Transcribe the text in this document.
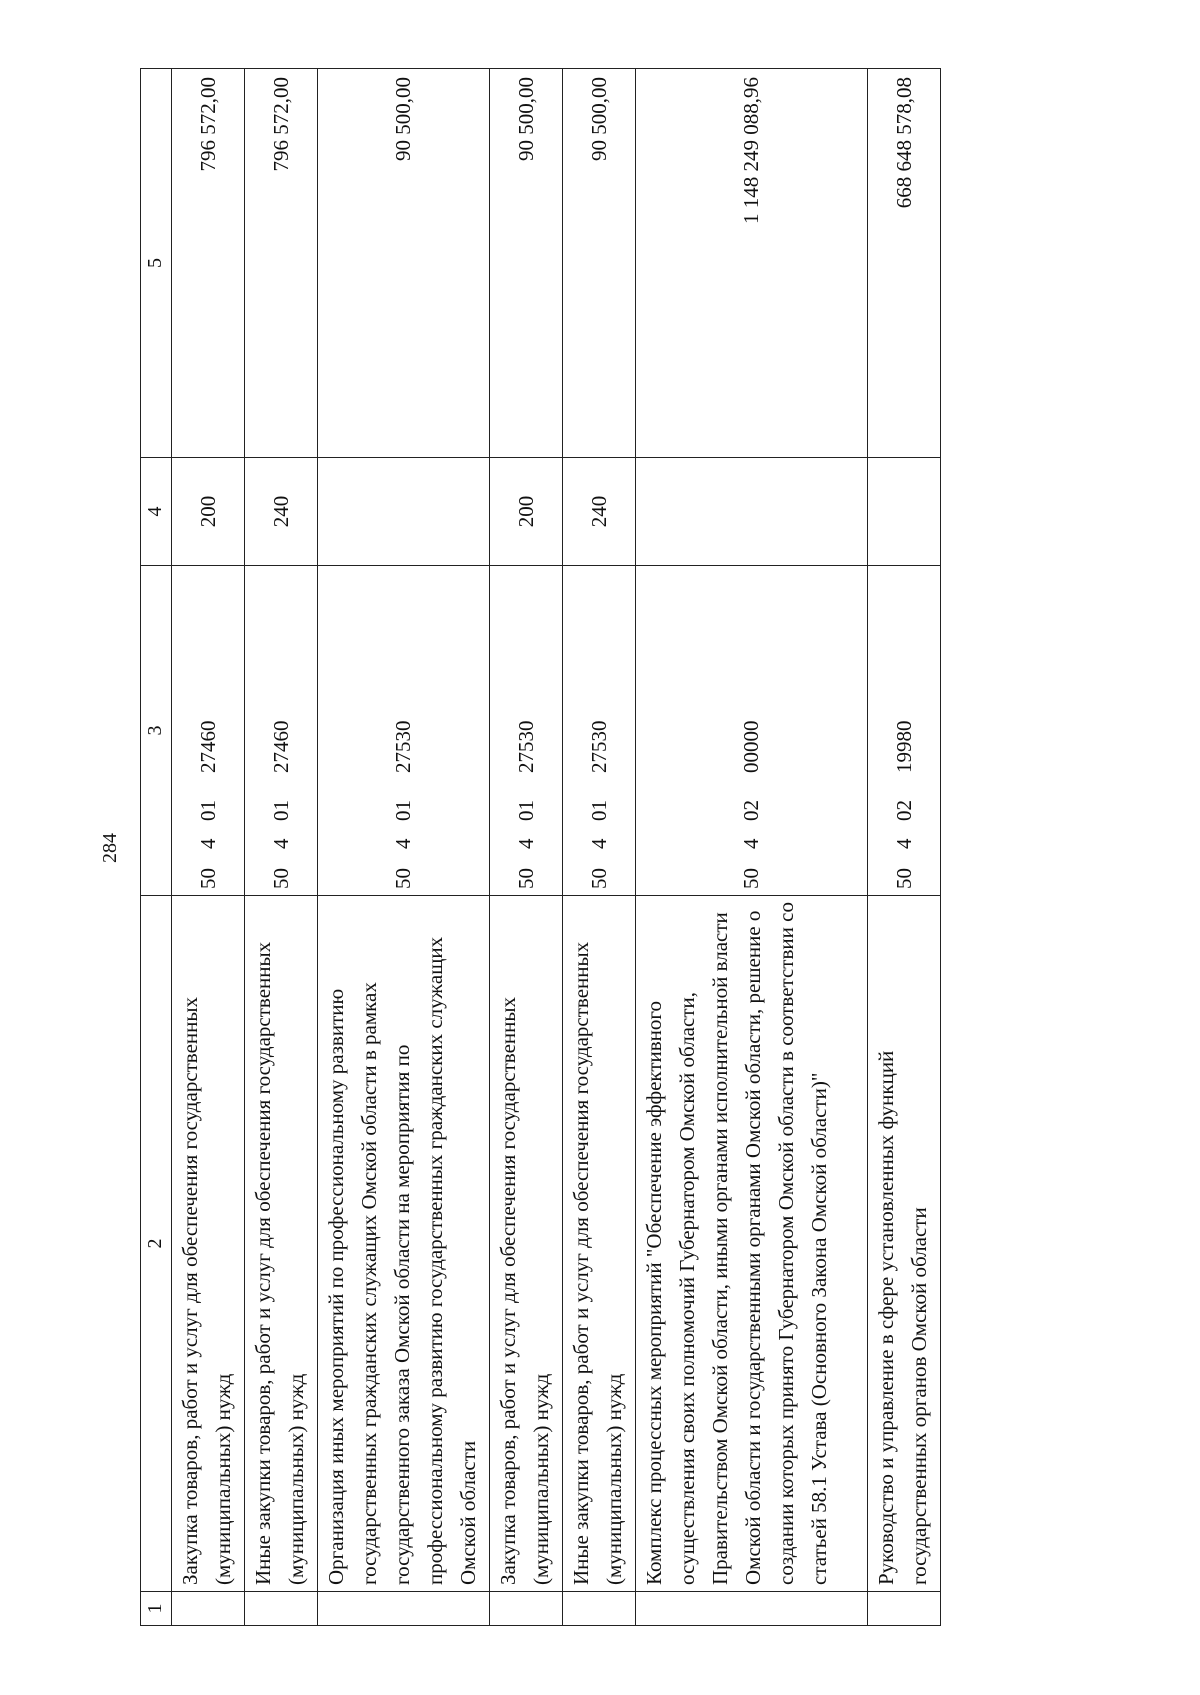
284
1	2	3	4	5
	Закупка товаров, работ и услуг для обеспечения государственных (муниципальных) нужд	5040127460	200	796 572,00
	Иные закупки товаров, работ и услуг для обеспечения государственных (муниципальных) нужд	5040127460	240	796 572,00
	Организация иных мероприятий по профессиональному развитию государственных гражданских служащих Омской области в рамках государственного заказа Омской области на мероприятия по профессиональному развитию государственных гражданских служащих Омской области	5040127530		90 500,00
	Закупка товаров, работ и услуг для обеспечения государственных (муниципальных) нужд	5040127530	200	90 500,00
	Иные закупки товаров, работ и услуг для обеспечения государственных (муниципальных) нужд	5040127530	240	90 500,00
	Комплекс процессных мероприятий "Обеспечение эффективного осуществления своих полномочий Губернатором Омской области, Правительством Омской области, иными органами исполнительной власти Омской области и государственными органами Омской области, решение о создании которых принято Губернатором Омской области в соответствии со статьей 58.1 Устава (Основного Закона Омской области)"	5040200000		1 148 249 088,96
	Руководство и управление в сфере установленных функций государственных органов Омской области	5040219980		668 648 578,08
